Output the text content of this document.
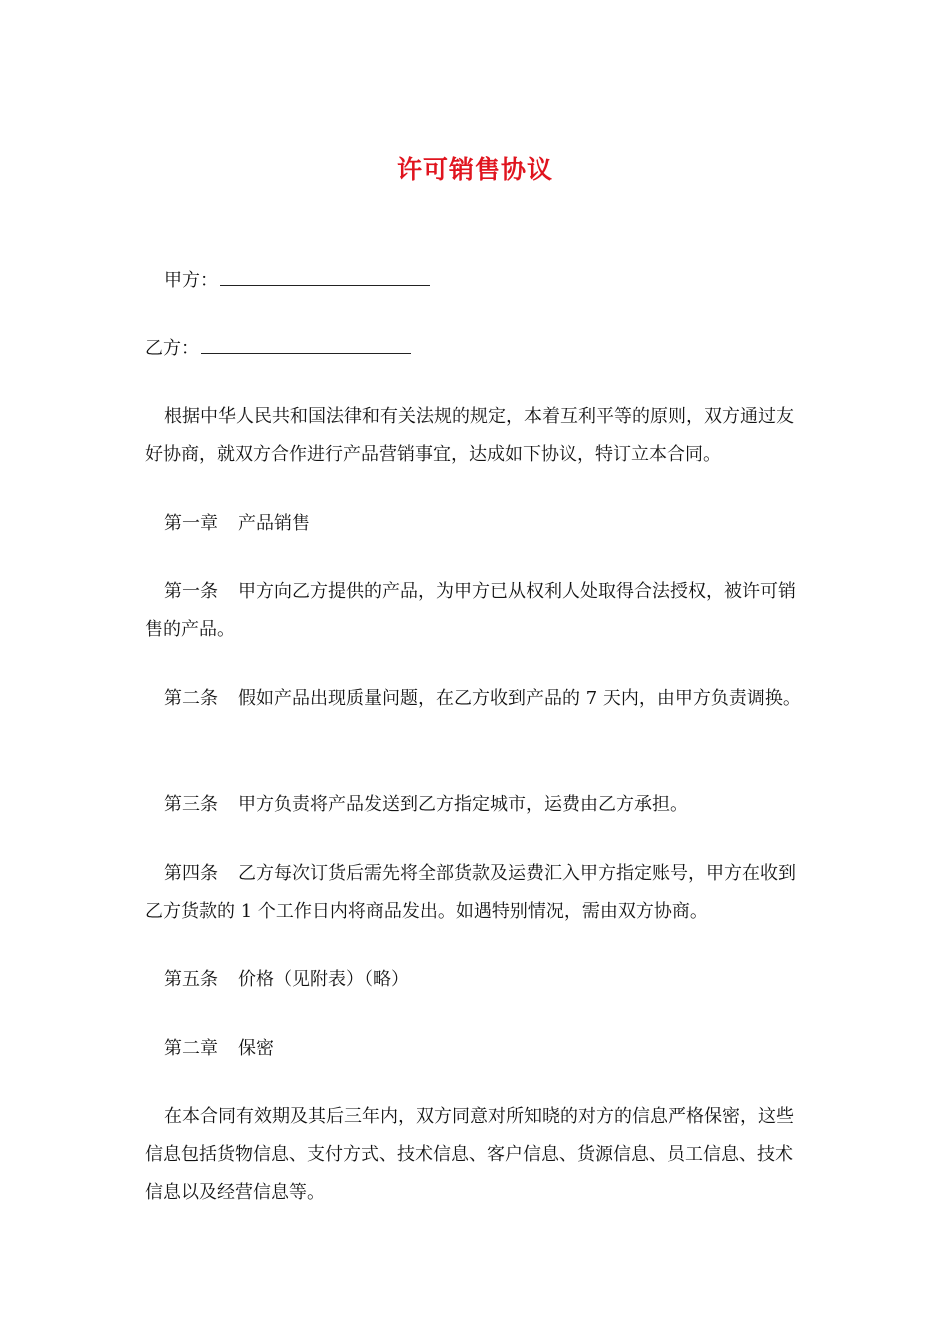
许可销售协议

甲方：

乙方：

根据中华人民共和国法律和有关法规的规定，本着互利平等的原则，双方通过友好协商，就双方合作进行产品营销事宜，达成如下协议，特订立本合同。

第一章 产品销售

第一条 甲方向乙方提供的产品，为甲方已从权利人处取得合法授权，被许可销售的产品。

第二条 假如产品出现质量问题，在乙方收到产品的 7 天内，由甲方负责调换。

第三条 甲方负责将产品发送到乙方指定城市，运费由乙方承担。

第四条 乙方每次订货后需先将全部货款及运费汇入甲方指定账号，甲方在收到乙方货款的 1 个工作日内将商品发出。如遇特别情况，需由双方协商。

第五条 价格（见附表）（略）

第二章 保密

在本合同有效期及其后三年内，双方同意对所知晓的对方的信息严格保密，这些信息包括货物信息、支付方式、技术信息、客户信息、货源信息、员工信息、技术信息以及经营信息等。
